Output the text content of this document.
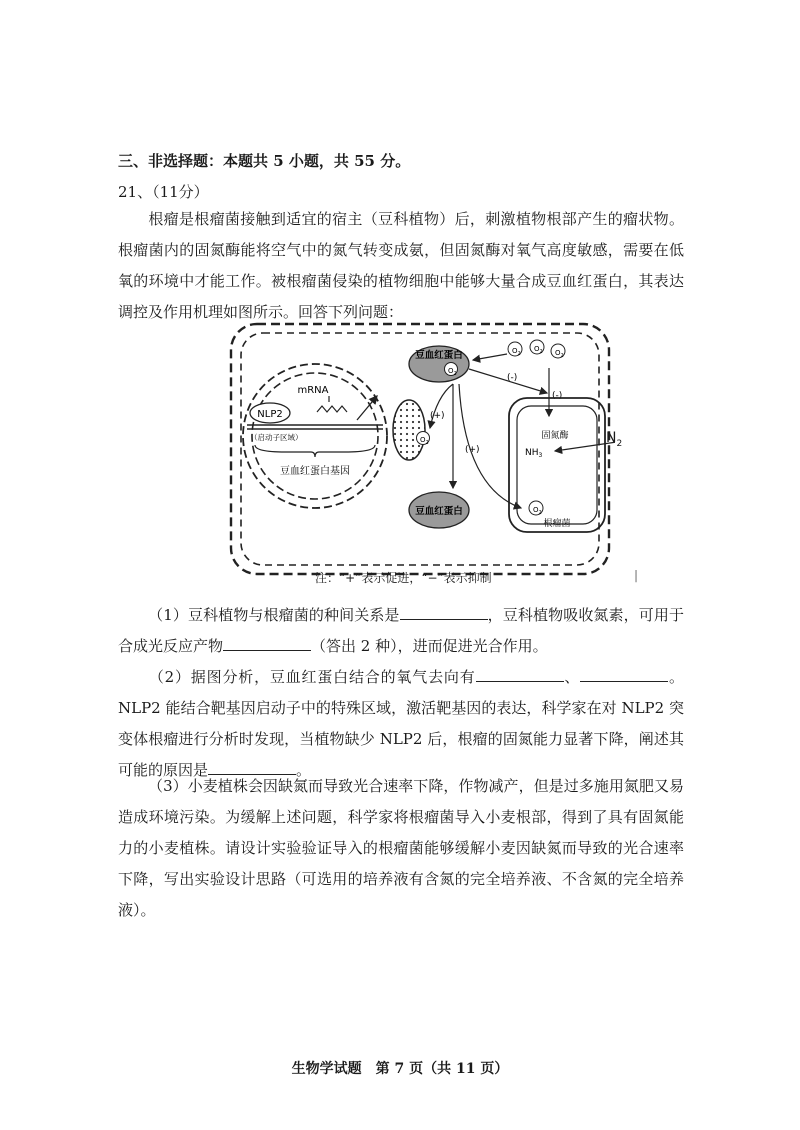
三、非选择题：本题共 5 小题，共 55 分。
21、（11分）
根瘤是根瘤菌接触到适宜的宿主（豆科植物）后，刺激植物根部产生的瘤状物。根瘤菌内的固氮酶能将空气中的氮气转变成氨，但固氮酶对氧气高度敏感，需要在低氧的环境中才能工作。被根瘤菌侵染的植物细胞中能够大量合成豆血红蛋白，其表达调控及作用机理如图所示。回答下列问题：
NLP2
（启动子区域）
豆血红蛋白基因
mRNA
豆血红蛋白
$O_2$
$O_2$
$O_2$ $O_2$
(-)
(-)
$O_2$
(+)
(+)
豆血红蛋白
固氮酶
$NH_3$
$O_2$
根瘤菌
$N_2$
注：“+”表示促进，“−”表示抑制	|
（1）豆科植物与根瘤菌的种间关系是	，豆科植物吸收氮素，可用于合成光反应产物	（答出 2 种），进而促进光合作用。
（2）据图分析，豆血红蛋白结合的氧气去向有	、	。NLP2 能结合靶基因启动子中的特殊区域，激活靶基因的表达，科学家在对 NLP2 突变体根瘤进行分析时发现，当植物缺少 NLP2 后，根瘤的固氮能力显著下降，阐述其可能的原因是	。
（3）小麦植株会因缺氮而导致光合速率下降，作物减产，但是过多施用氮肥又易造成环境污染。为缓解上述问题，科学家将根瘤菌导入小麦根部，得到了具有固氮能力的小麦植株。请设计实验验证导入的根瘤菌能够缓解小麦因缺氮而导致的光合速率下降，写出实验设计思路（可选用的培养液有含氮的完全培养液、不含氮的完全培养液）。
生物学试题　第 7 页（共 11 页）
